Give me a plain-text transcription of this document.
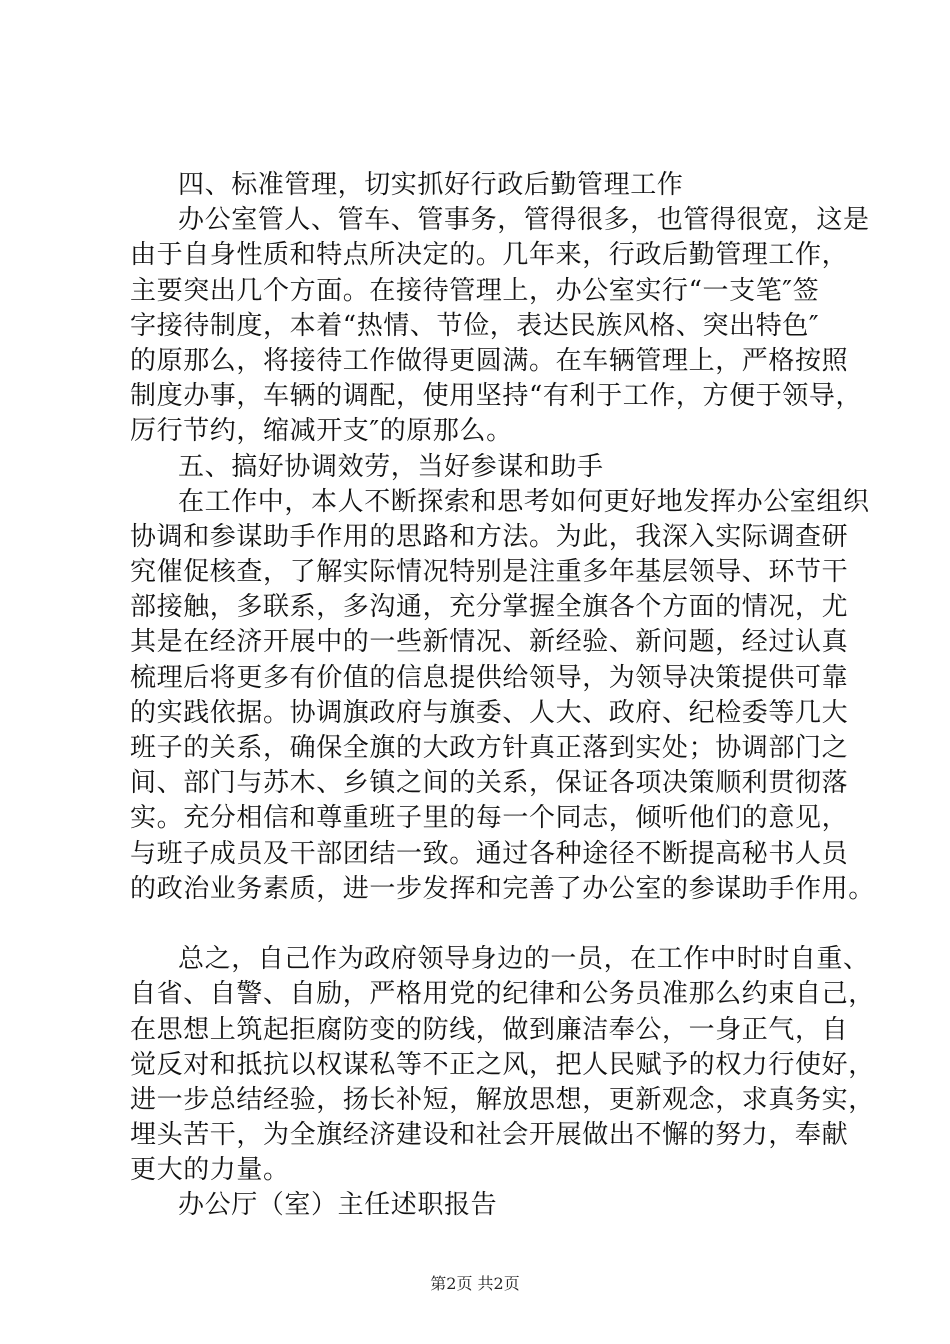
四、标准管理，切实抓好行政后勤管理工作
办公室管人、管车、管事务，管得很多，也管得很宽，这是
由于自身性质和特点所决定的。几年来，行政后勤管理工作，
主要突出几个方面。在接待管理上，办公室实行“一支笔″签
字接待制度，本着“热情、节俭，表达民族风格、突出特色″
的原那么，将接待工作做得更圆满。在车辆管理上，严格按照
制度办事，车辆的调配，使用坚持“有利于工作，方便于领导，
厉行节约，缩减开支″的原那么。
五、搞好协调效劳，当好参谋和助手
在工作中，本人不断探索和思考如何更好地发挥办公室组织
协调和参谋助手作用的思路和方法。为此，我深入实际调查研
究催促核查，了解实际情况特别是注重多年基层领导、环节干
部接触，多联系，多沟通，充分掌握全旗各个方面的情况，尤
其是在经济开展中的一些新情况、新经验、新问题，经过认真
梳理后将更多有价值的信息提供给领导，为领导决策提供可靠
的实践依据。协调旗政府与旗委、人大、政府、纪检委等几大
班子的关系，确保全旗的大政方针真正落到实处；协调部门之
间、部门与苏木、乡镇之间的关系，保证各项决策顺利贯彻落
实。充分相信和尊重班子里的每一个同志，倾听他们的意见，
与班子成员及干部团结一致。通过各种途径不断提高秘书人员
的政治业务素质，进一步发挥和完善了办公室的参谋助手作用。
总之，自己作为政府领导身边的一员，在工作中时时自重、
自省、自警、自励，严格用党的纪律和公务员准那么约束自己，
在思想上筑起拒腐防变的防线，做到廉洁奉公，一身正气，自
觉反对和抵抗以权谋私等不正之风，把人民赋予的权力行使好，
进一步总结经验，扬长补短，解放思想，更新观念，求真务实，
埋头苦干，为全旗经济建设和社会开展做出不懈的努力，奉献
更大的力量。
办公厅（室）主任述职报告
第2页 共2页
